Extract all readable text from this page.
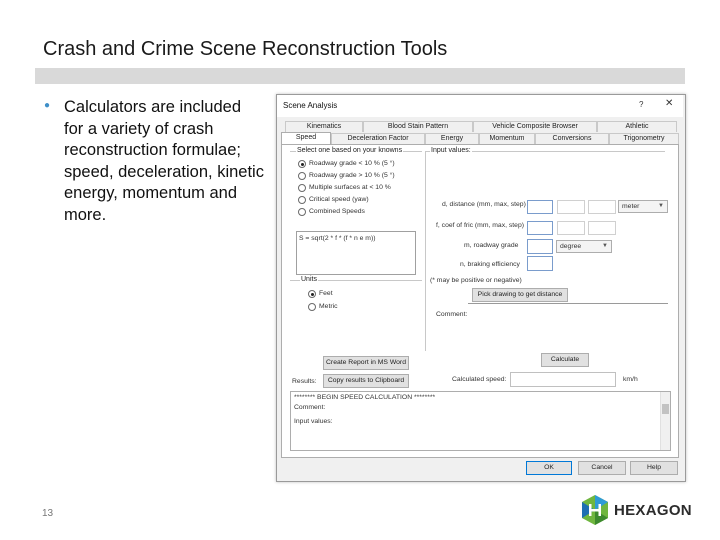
Crash and Crime Scene Reconstruction Tools
● Calculators are included for a variety of crash reconstruction formulae; speed, deceleration, kinetic energy, momentum and more.
13	HEXAGON
Scene Analysis	? ✕
Kinematics	Blood Stain Pattern	Vehicle Composite Browser	Athletic
Speed	Deceleration Factor	Energy	Momentum	Conversions	Trigonometry
Select one based on your knowns
Roadway grade < 10 % (5 °)
Roadway grade > 10 % (5 °)
Multiple surfaces at < 10 %
Critical speed (yaw)
Combined Speeds
S = sqrt(2 * f * (f * n e m))
Units
Feet
Metric
Input values:
d, distance (mm, max, step)	meter	▼
f, coef of fric (mm, max, step)
m, roadway grade	degree	▼
n, braking efficiency
(* may be positive or negative)
Pick drawing to get distance
Comment:
Create Report in MS Word	Calculate
Results:	Copy results to Clipboard	Calculated speed:	km/h
******** BEGIN SPEED CALCULATION ********
Comment:
Input values:
OK	Cancel	Help
